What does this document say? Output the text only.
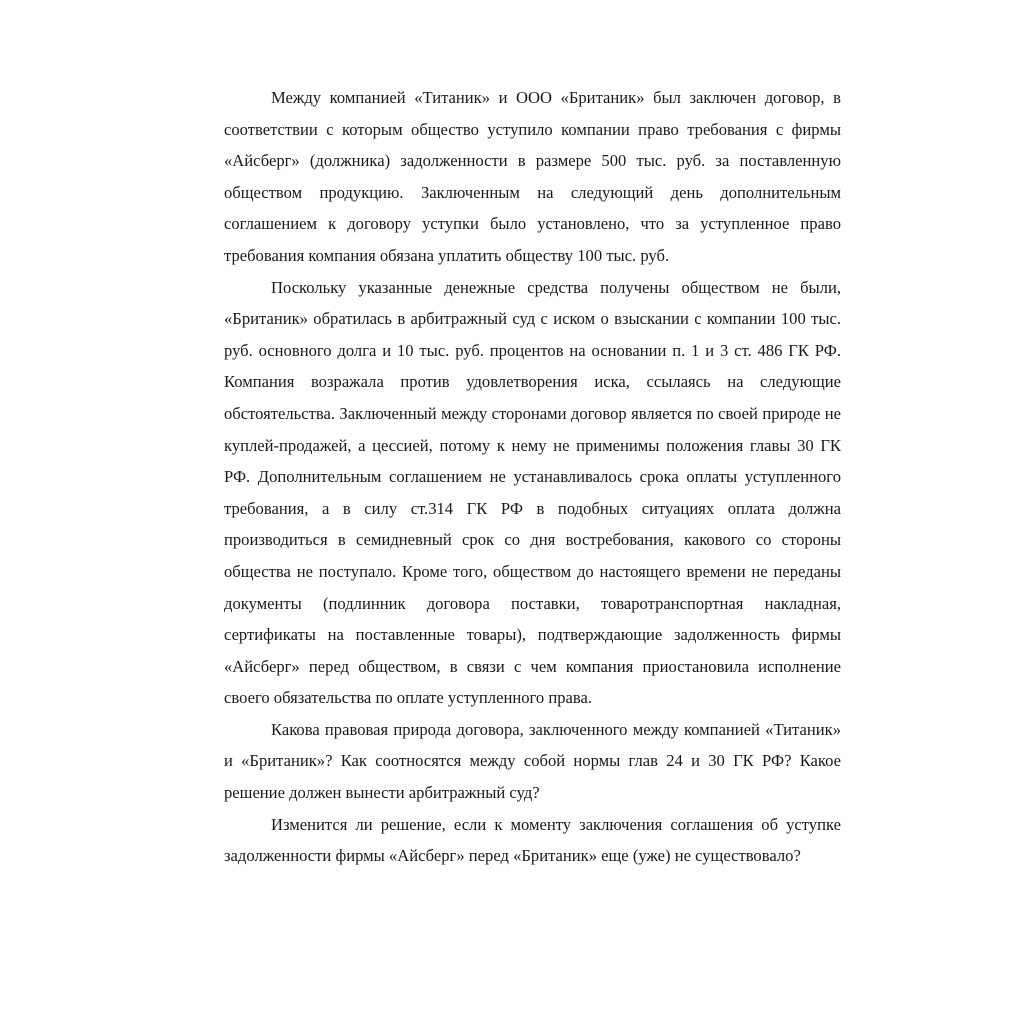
Между компанией «Титаник» и ООО «Британик» был заключен договор, в соответствии с которым общество уступило компании право требования с фирмы «Айсберг» (должника) задолженности в размере 500 тыс. руб. за поставленную обществом продукцию. Заключенным на следующий день дополнительным соглашением к договору уступки было установлено, что за уступленное право требования компания обязана уплатить обществу 100 тыс. руб.

Поскольку указанные денежные средства получены обществом не были, «Британик» обратилась в арбитражный суд с иском о взыскании с компании 100 тыс. руб. основного долга и 10 тыс. руб. процентов на основании п. 1 и 3 ст. 486 ГК РФ. Компания возражала против удовлетворения иска, ссылаясь на следующие обстоятельства. Заключенный между сторонами договор является по своей природе не куплей-продажей, а цессией, потому к нему не применимы положения главы 30 ГК РФ. Дополнительным соглашением не устанавливалось срока оплаты уступленного требования, а в силу ст.314 ГК РФ в подобных ситуациях оплата должна производиться в семидневный срок со дня востребования, какового со стороны общества не поступало. Кроме того, обществом до настоящего времени не переданы документы (подлинник договора поставки, товаротранспортная накладная, сертификаты на поставленные товары), подтверждающие задолженность фирмы «Айсберг» перед обществом, в связи с чем компания приостановила исполнение своего обязательства по оплате уступленного права.

Какова правовая природа договора, заключенного между компанией «Титаник» и «Британик»? Как соотносятся между собой нормы глав 24 и 30 ГК РФ? Какое решение должен вынести арбитражный суд?

Изменится ли решение, если к моменту заключения соглашения об уступке задолженности фирмы «Айсберг» перед «Британик» еще (уже) не существовало?
